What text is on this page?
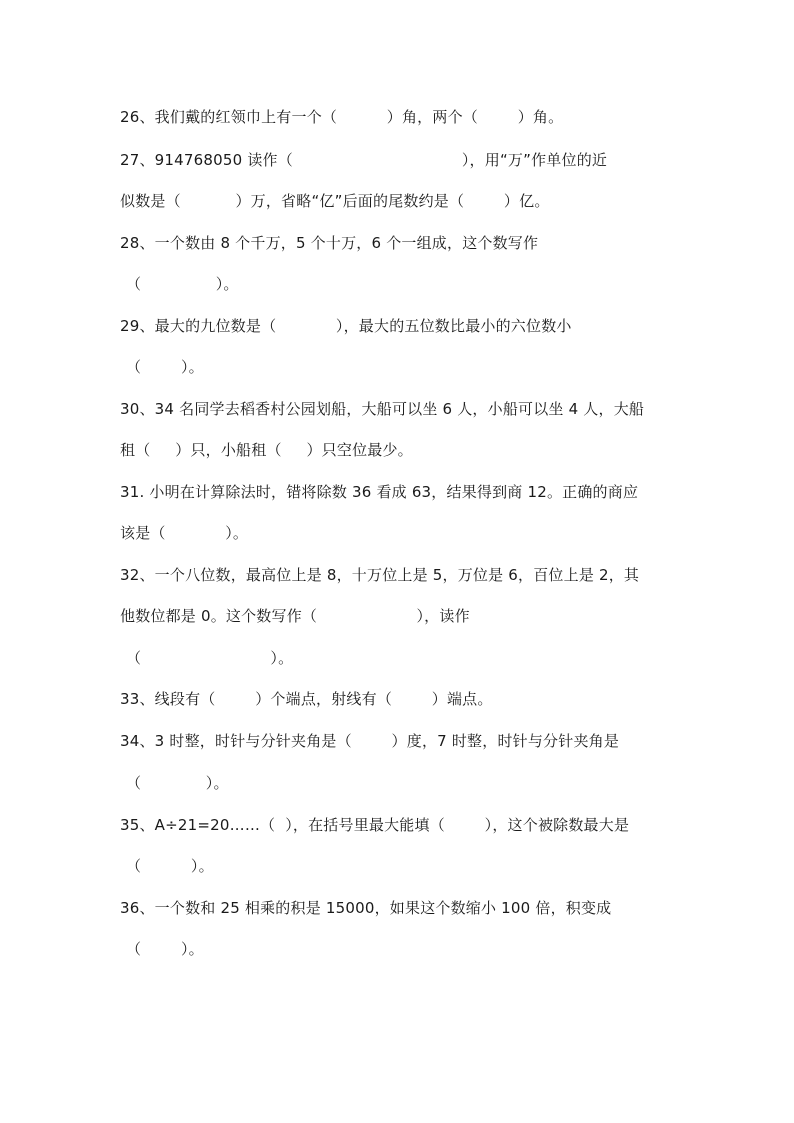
26、我们戴的红领巾上有一个（          ）角，两个（        ）角。
27、914768050 读作（                                  ），用“万”作单位的近
似数是（           ）万，省略“亿”后面的尾数约是（        ）亿。
28、一个数由 8 个千万，5 个十万，6 个一组成，这个数写作
（               ）。
29、最大的九位数是（            ），最大的五位数比最小的六位数小
（        ）。
30、34 名同学去稻香村公园划船，大船可以坐 6 人，小船可以坐 4 人，大船
租（     ）只，小船租（     ）只空位最少。
31. 小明在计算除法时，错将除数 36 看成 63，结果得到商 12。正确的商应
该是（            ）。
32、一个八位数，最高位上是 8，十万位上是 5，万位是 6，百位上是 2，其
他数位都是 0。这个数写作（                    ），读作
（                          ）。
33、线段有（        ）个端点，射线有（        ）端点。
34、3 时整，时针与分针夹角是（        ）度，7 时整，时针与分针夹角是
（             ）。
35、A÷21=20……（  ），在括号里最大能填（        ），这个被除数最大是
（          ）。
36、一个数和 25 相乘的积是 15000，如果这个数缩小 100 倍，积变成
（        ）。
